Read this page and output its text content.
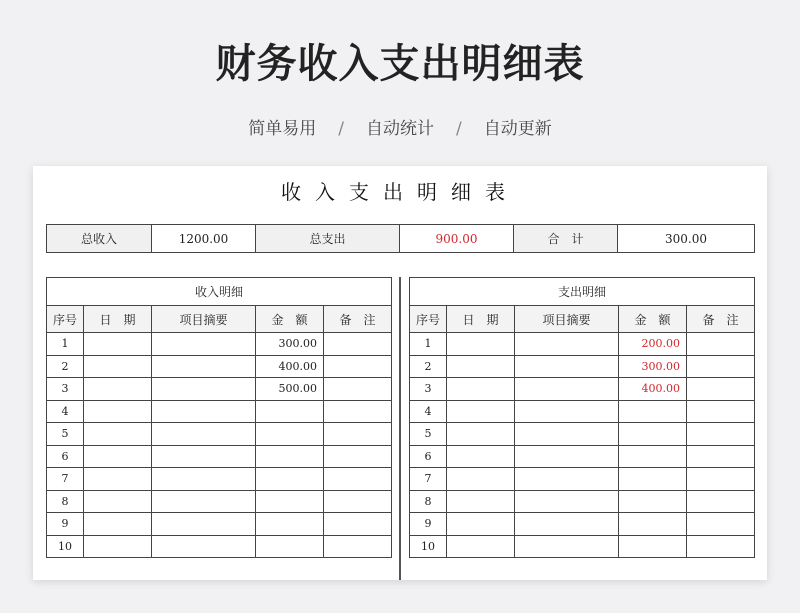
财务收入支出明细表
简单易用 / 自动统计 / 自动更新
收入支出明细表
总收入	1200.00	总支出	900.00	合　计	300.00
收入明细				
序号	日　期	项目摘要	金　额	备　注
1			300.00	
2			400.00	
3			500.00	
4				
5				
6				
7				
8				
9				
10				
支出明细				
序号	日　期	项目摘要	金　额	备　注
1			200.00	
2			300.00	
3			400.00	
4				
5				
6				
7				
8				
9				
10				
